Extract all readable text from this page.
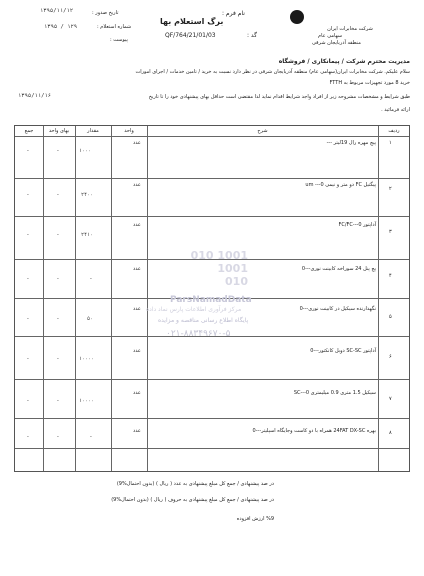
شرکت مخابرات ایران
سهامی عام
منطقه آذربایجان شرقی
نام فرم :
برگ استعلام بها
گد :
QF/764/21/01/03
تاریخ صدور :
۱۳۹۵/۱۱/۱۲
شماره استعلام :
۱۲۹ / ۱۳۹۵
پیوست :
مدیریت محترم شرکت / پیمانکاری / فروشگاه
سلام علیکم. شرکت مخابرات ایران(سهامی عام) منطقه آذربایجان شرقی در نظر دارد نسبت به خرید / تامین خدمات / اجرای امورات
خرید 8 مورد تجهیزات مربوط به FTTH
طبق شرایط و مشخصات مشروحه زیر از افراد واجد شرایط اقدام نماید لذا مقتضی است حداقل بهای پیشنهادی خود را تا تاریخ
۱۳۹۵/۱۱/۱۶
ارائه فرمائید .
ردیف
شرح
واحد
مقدار
بهای واحد
جمع
۱
پیچ مهره رال 19لیتر ---
عدد
۱۰۰۰
-
-
۲
پیگتیل FC دو متر و نیمی um ---0
عدد
۲۴۰۰
-
-
۳
آداپتور FC/FC---0
عدد
۲۴۱۰
-
-
۴
پچ پنل 24 سوراخه کابینت نوری---0
عدد
-
-
-
۵
نگهدارنده سیکیل در کابینت نوری---0
عدد
۵۰
-
-
۶
آداپتور SC-SC دوبل کانکتور---0
عدد
۱۰۰۰۰
-
-
۷
سیکیل 1.5 متری 0.9 میلیمتری SC---0
عدد
۱۰۰۰۰
-
-
۸
بهره 24FAT DX-SC همراه با دو کاست وجایگاه اسپلیتر---0
عدد
-
-
-
010 1001
1001
010
ParsNamadData
مرکز فرآوری اطلاعات پارس نماد داده
پایگاه اطلاع رسانی مناقصه و مزایده
۰۲۱-۸۸۳۴۹۶۷۰-۵
در صد پیشنهادی / جمع کل مبلغ پیشنهادی به عدد ( ریال ) (بدون احتمال%9)
در صد پیشنهادی / جمع کل مبلغ پیشنهادی به حروف ( ریال ) (بدون احتمال%9)
%9 ارزش افزوده
